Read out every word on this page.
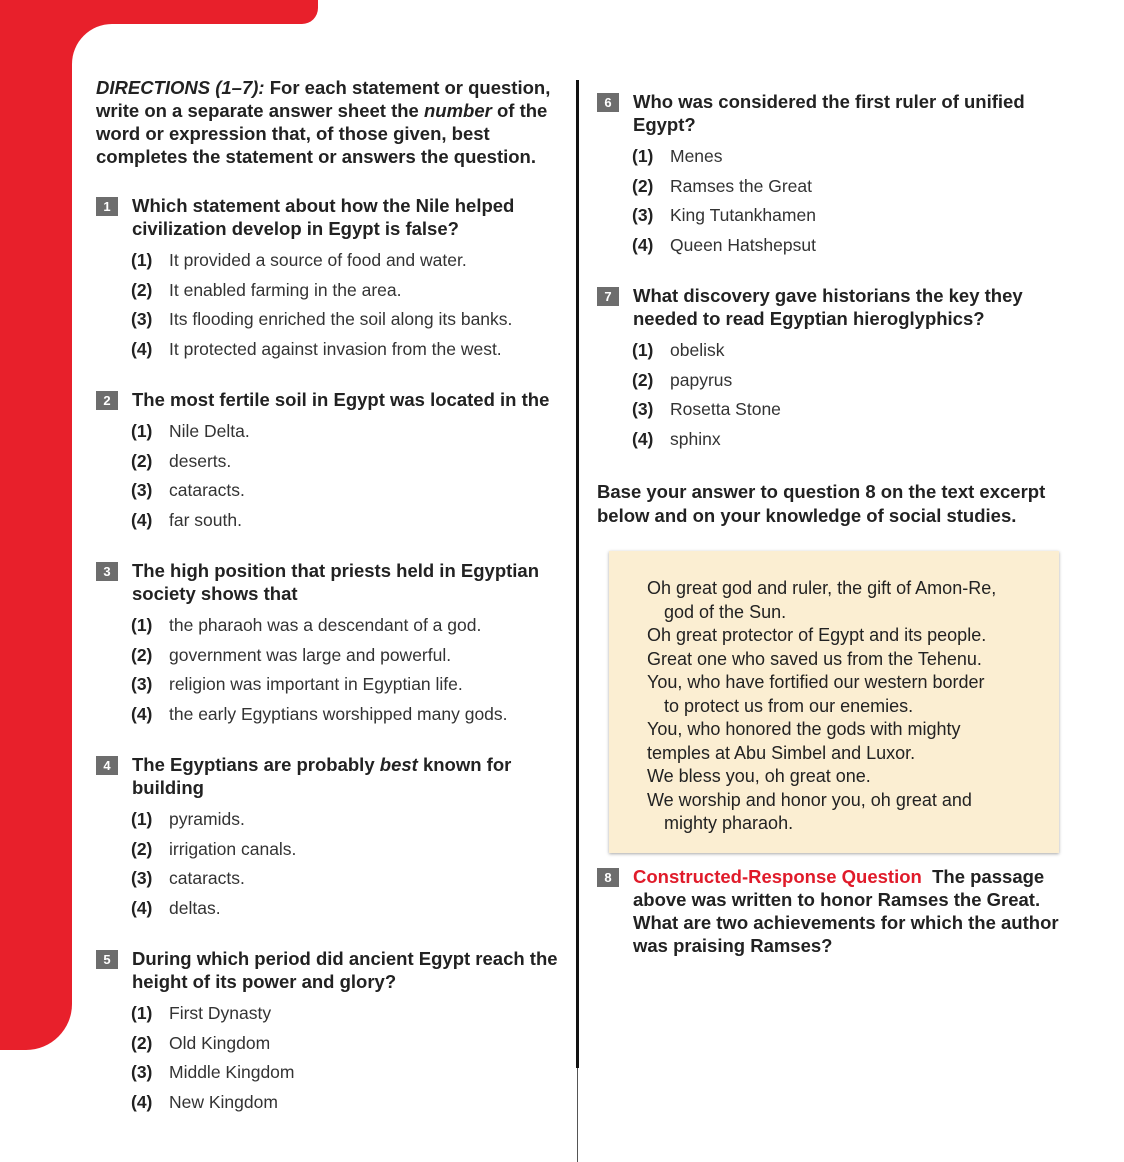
DIRECTIONS (1–7): For each statement or question, write on a separate answer sheet the number of the word or expression that, of those given, best completes the statement or answers the question.

1	Which statement about how the Nile helped civilization develop in Egypt is false?
(1) It provided a source of food and water.
(2) It enabled farming in the area.
(3) Its flooding enriched the soil along its banks.
(4) It protected against invasion from the west.
2	The most fertile soil in Egypt was located in the
(1) Nile Delta.
(2) deserts.
(3) cataracts.
(4) far south.
3	The high position that priests held in Egyptian society shows that
(1) the pharaoh was a descendant of a god.
(2) government was large and powerful.
(3) religion was important in Egyptian life.
(4) the early Egyptians worshipped many gods.
4	The Egyptians are probably best known for building
(1) pyramids.
(2) irrigation canals.
(3) cataracts.
(4) deltas.
5	During which period did ancient Egypt reach the height of its power and glory?
(1) First Dynasty
(2) Old Kingdom
(3) Middle Kingdom
(4) New Kingdom
6	Who was considered the first ruler of unified Egypt?
(1) Menes
(2) Ramses the Great
(3) King Tutankhamen
(4) Queen Hatshepsut
7	What discovery gave historians the key they needed to read Egyptian hieroglyphics?
(1) obelisk
(2) papyrus
(3) Rosetta Stone
(4) sphinx

Base your answer to question 8 on the text excerpt below and on your knowledge of social studies.

Oh great god and ruler, the gift of Amon-Re,
god of the Sun.
Oh great protector of Egypt and its people.
Great one who saved us from the Tehenu.
You, who have fortified our western border
to protect us from our enemies.
You, who honored the gods with mighty
temples at Abu Simbel and Luxor.
We bless you, oh great one.
We worship and honor you, oh great and
mighty pharaoh.
8	Constructed-Response Question The passage above was written to honor Ramses the Great. What are two achievements for which the author was praising Ramses?
